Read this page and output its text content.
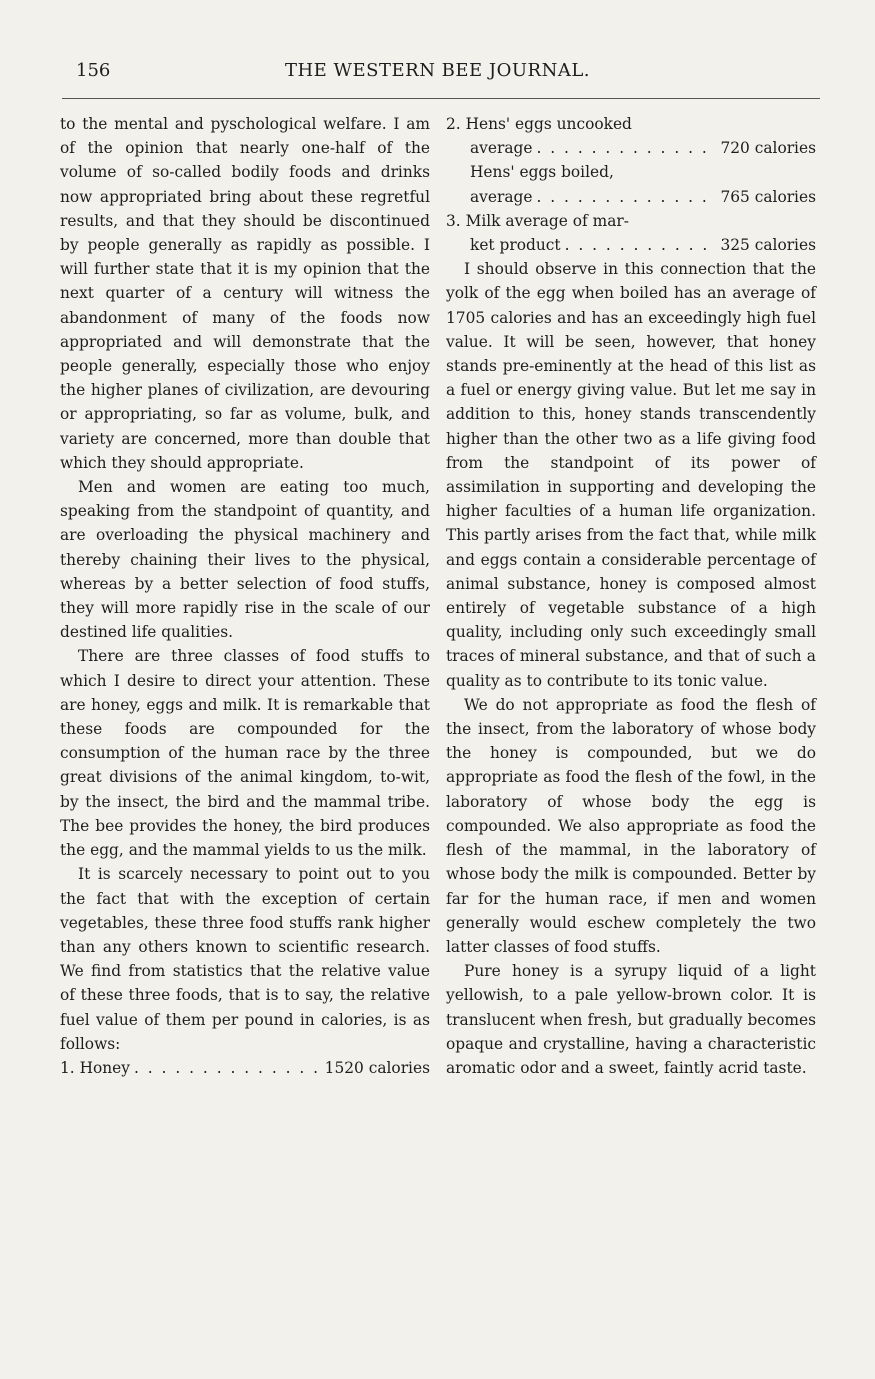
156	THE WESTERN BEE JOURNAL.

to the mental and pyschological welfare. I am of the opinion that nearly one-half of the volume of so-called bodily foods and drinks now appropriated bring about these regretful results, and that they should be discontinued by people generally as rapidly as possible. I will further state that it is my opinion that the next quarter of a century will witness the abandonment of many of the foods now appropriated and will demonstrate that the people generally, especially those who enjoy the higher planes of civilization, are devouring or appropriating, so far as volume, bulk, and variety are concerned, more than double that which they should appropriate.

Men and women are eating too much, speaking from the standpoint of quantity, and are overloading the physical machinery and thereby chaining their lives to the physical, whereas by a better selection of food stuffs, they will more rapidly rise in the scale of our destined life qualities.

There are three classes of food stuffs to which I desire to direct your attention. These are honey, eggs and milk. It is remarkable that these foods are compounded for the consumption of the human race by the three great divisions of the animal kingdom, to-wit, by the insect, the bird and the mammal tribe. The bee provides the honey, the bird produces the egg, and the mammal yields to us the milk.

It is scarcely necessary to point out to you the fact that with the exception of certain vegetables, these three food stuffs rank higher than any others known to scientific research. We find from statistics that the relative value of these three foods, that is to say, the relative fuel value of them per pound in calories, is as follows:

1. Honey . . .	1520 calories
2. Hens' eggs uncooked
average . . .	720 calories
Hens' eggs boiled,
average . . .	765 calories
3. Milk average of mar-
ket product . . .	325 calories

I should observe in this connection that the yolk of the egg when boiled has an average of 1705 calories and has an exceedingly high fuel value. It will be seen, however, that honey stands pre-eminently at the head of this list as a fuel or energy giving value. But let me say in addition to this, honey stands transcendently higher than the other two as a life giving food from the standpoint of its power of assimilation in supporting and developing the higher faculties of a human life organization. This partly arises from the fact that, while milk and eggs contain a considerable percentage of animal substance, honey is composed almost entirely of vegetable substance of a high quality, including only such exceedingly small traces of mineral substance, and that of such a quality as to contribute to its tonic value.

We do not appropriate as food the flesh of the insect, from the laboratory of whose body the honey is compounded, but we do appropriate as food the flesh of the fowl, in the laboratory of whose body the egg is compounded. We also appropriate as food the flesh of the mammal, in the laboratory of whose body the milk is compounded. Better by far for the human race, if men and women generally would eschew completely the two latter classes of food stuffs.

Pure honey is a syrupy liquid of a light yellowish, to a pale yellow-brown color. It is translucent when fresh, but gradually becomes opaque and crystalline, having a characteristic aromatic odor and a sweet, faintly acrid taste.
